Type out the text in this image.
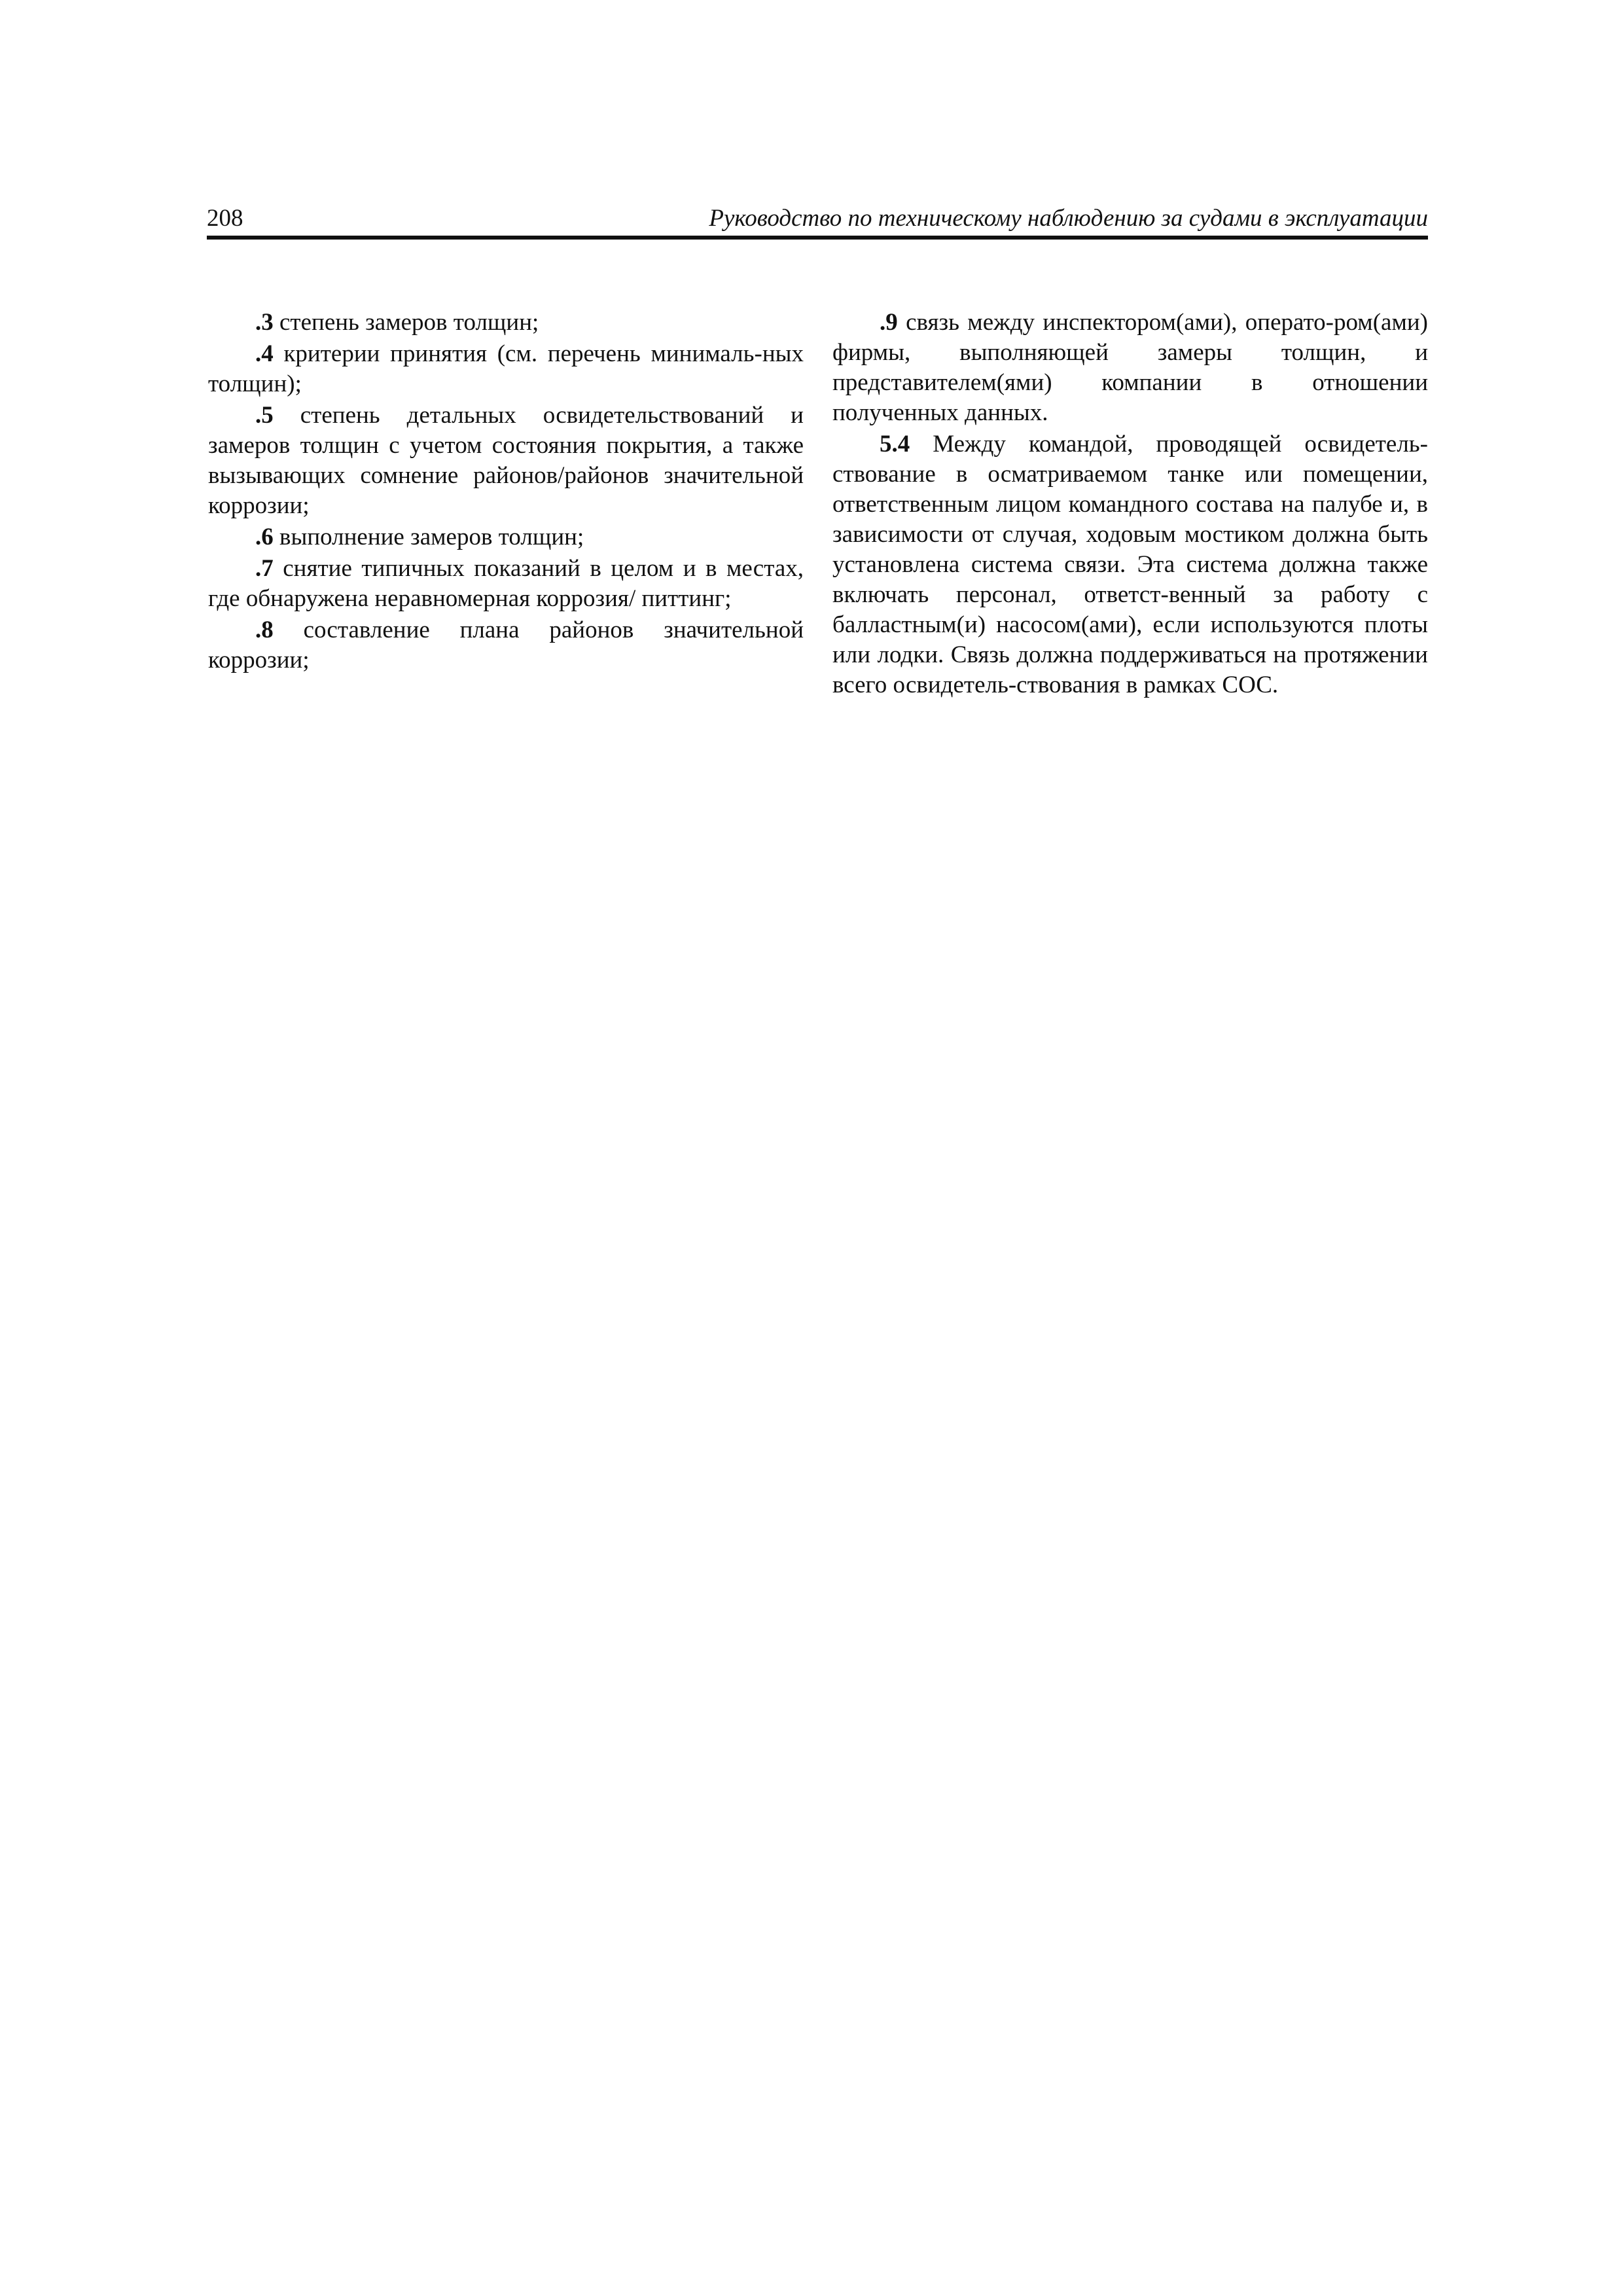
208	Руководство по техническому наблюдению за судами в эксплуатации

.3 степень замеров толщин;

.4 критерии принятия (см. перечень минималь-ных толщин);

.5 степень детальных освидетельствований и замеров толщин с учетом состояния покрытия, а также вызывающих сомнение районов/районов значительной коррозии;

.6 выполнение замеров толщин;

.7 снятие типичных показаний в целом и в местах, где обнаружена неравномерная коррозия/ питтинг;

.8 составление плана районов значительной коррозии;

.9 связь между инспектором(ами), операто-ром(ами) фирмы, выполняющей замеры толщин, и представителем(ями) компании в отношении полученных данных.

5.4 Между командой, проводящей освидетель-ствование в осматриваемом танке или помещении, ответственным лицом командного состава на палубе и, в зависимости от случая, ходовым мостиком должна быть установлена система связи. Эта система должна также включать персонал, ответст-венный за работу с балластным(и) насосом(ами), если используются плоты или лодки. Связь должна поддерживаться на протяжении всего освидетель-ствования в рамках СОС.
